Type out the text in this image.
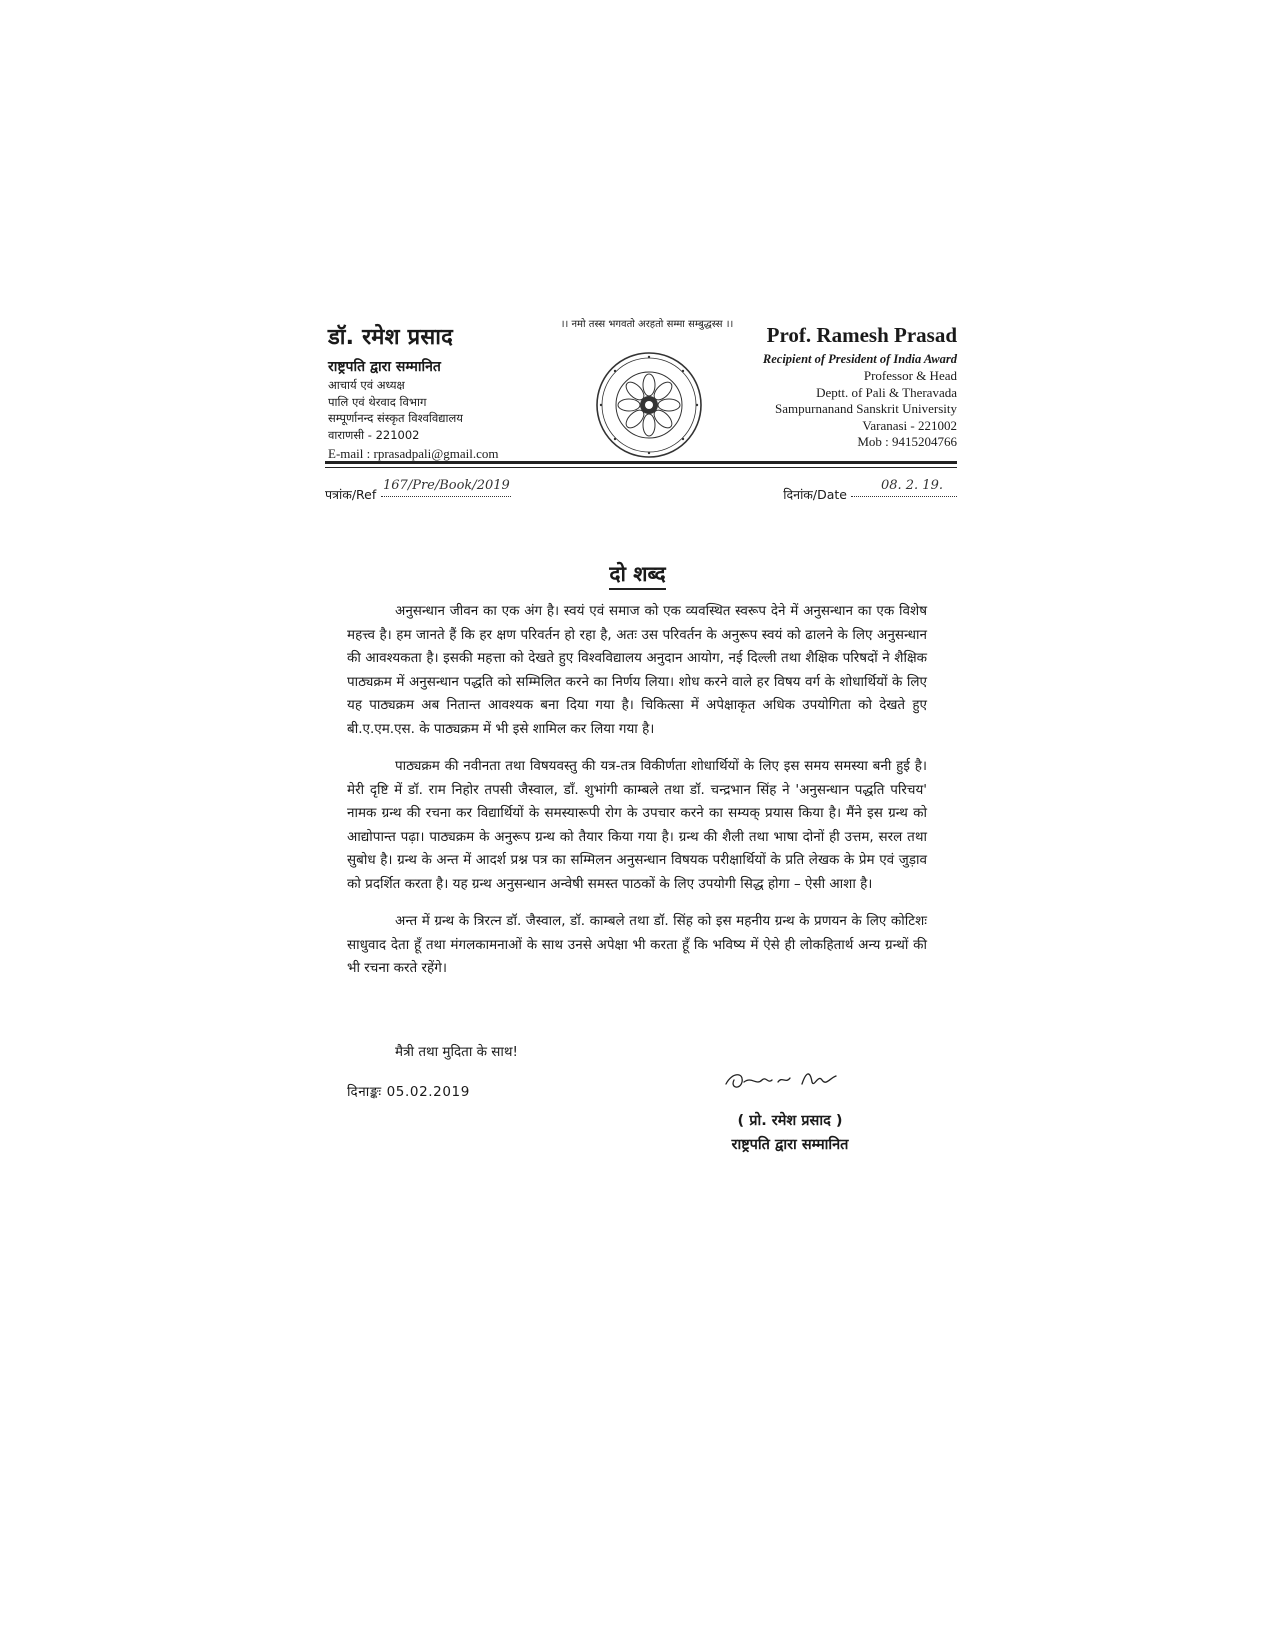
डॉ. रमेश प्रसाद
राष्ट्रपति द्वारा सम्मानित
आचार्य एवं अध्यक्ष
पालि एवं थेरवाद विभाग
सम्पूर्णानन्द संस्कृत विश्वविद्यालय
वाराणसी - 221002
E-mail : rprasadpali@gmail.com
।। नमो तस्स भगवतो अरहतो सम्मा सम्बुद्धस्स ।।	Prof. Ramesh Prasad
Recipient of President of India Award
Professor & Head
Deptt. of Pali & Theravada
Sampurnanand Sanskrit University
Varanasi - 221002
Mob : 9415204766
पत्रांक/Ref
167/Pre/Book/2019
दिनांक/Date
08. 2. 19.
दो शब्द

अनुसन्धान जीवन का एक अंग है। स्वयं एवं समाज को एक व्यवस्थित स्वरूप देने में अनुसन्धान का एक विशेष महत्त्व है। हम जानते हैं कि हर क्षण परिवर्तन हो रहा है, अतः उस परिवर्तन के अनुरूप स्वयं को ढालने के लिए अनुसन्धान की आवश्यकता है। इसकी महत्ता को देखते हुए विश्वविद्यालय अनुदान आयोग, नई दिल्ली तथा शैक्षिक परिषदों ने शैक्षिक पाठ्यक्रम में अनुसन्धान पद्धति को सम्मिलित करने का निर्णय लिया। शोध करने वाले हर विषय वर्ग के शोधार्थियों के लिए यह पाठ्यक्रम अब नितान्त आवश्यक बना दिया गया है। चिकित्सा में अपेक्षाकृत अधिक उपयोगिता को देखते हुए बी.ए.एम.एस. के पाठ्यक्रम में भी इसे शामिल कर लिया गया है।

पाठ्यक्रम की नवीनता तथा विषयवस्तु की यत्र-तत्र विकीर्णता शोधार्थियों के लिए इस समय समस्या बनी हुई है। मेरी दृष्टि में डॉ. राम निहोर तपसी जैस्वाल, डॉं. शुभांगी काम्बले तथा डॉ. चन्द्रभान सिंह ने 'अनुसन्धान पद्धति परिचय' नामक ग्रन्थ की रचना कर विद्यार्थियों के समस्यारूपी रोग के उपचार करने का सम्यक् प्रयास किया है। मैंने इस ग्रन्थ को आद्योपान्त पढ़ा। पाठ्यक्रम के अनुरूप ग्रन्थ को तैयार किया गया है। ग्रन्थ की शैली तथा भाषा दोनों ही उत्तम, सरल तथा सुबोध है। ग्रन्थ के अन्त में आदर्श प्रश्न पत्र का सम्मिलन अनुसन्धान विषयक परीक्षार्थियों के प्रति लेखक के प्रेम एवं जुड़ाव को प्रदर्शित करता है। यह ग्रन्थ अनुसन्धान अन्वेषी समस्त पाठकों के लिए उपयोगी सिद्ध होगा – ऐसी आशा है।

अन्त में ग्रन्थ के त्रिरत्न डॉ. जैस्वाल, डॉ. काम्बले तथा डॉ. सिंह को इस महनीय ग्रन्थ के प्रणयन के लिए कोटिशः साधुवाद देता हूँ तथा मंगलकामनाओं के साथ उनसे अपेक्षा भी करता हूँ कि भविष्य में ऐसे ही लोकहितार्थ अन्य ग्रन्थों की भी रचना करते रहेंगे।

मैत्री तथा मुदिता के साथ!
दिनाङ्कः 05.02.2019
( प्रो. रमेश प्रसाद )
राष्ट्रपति द्वारा सम्मानित
